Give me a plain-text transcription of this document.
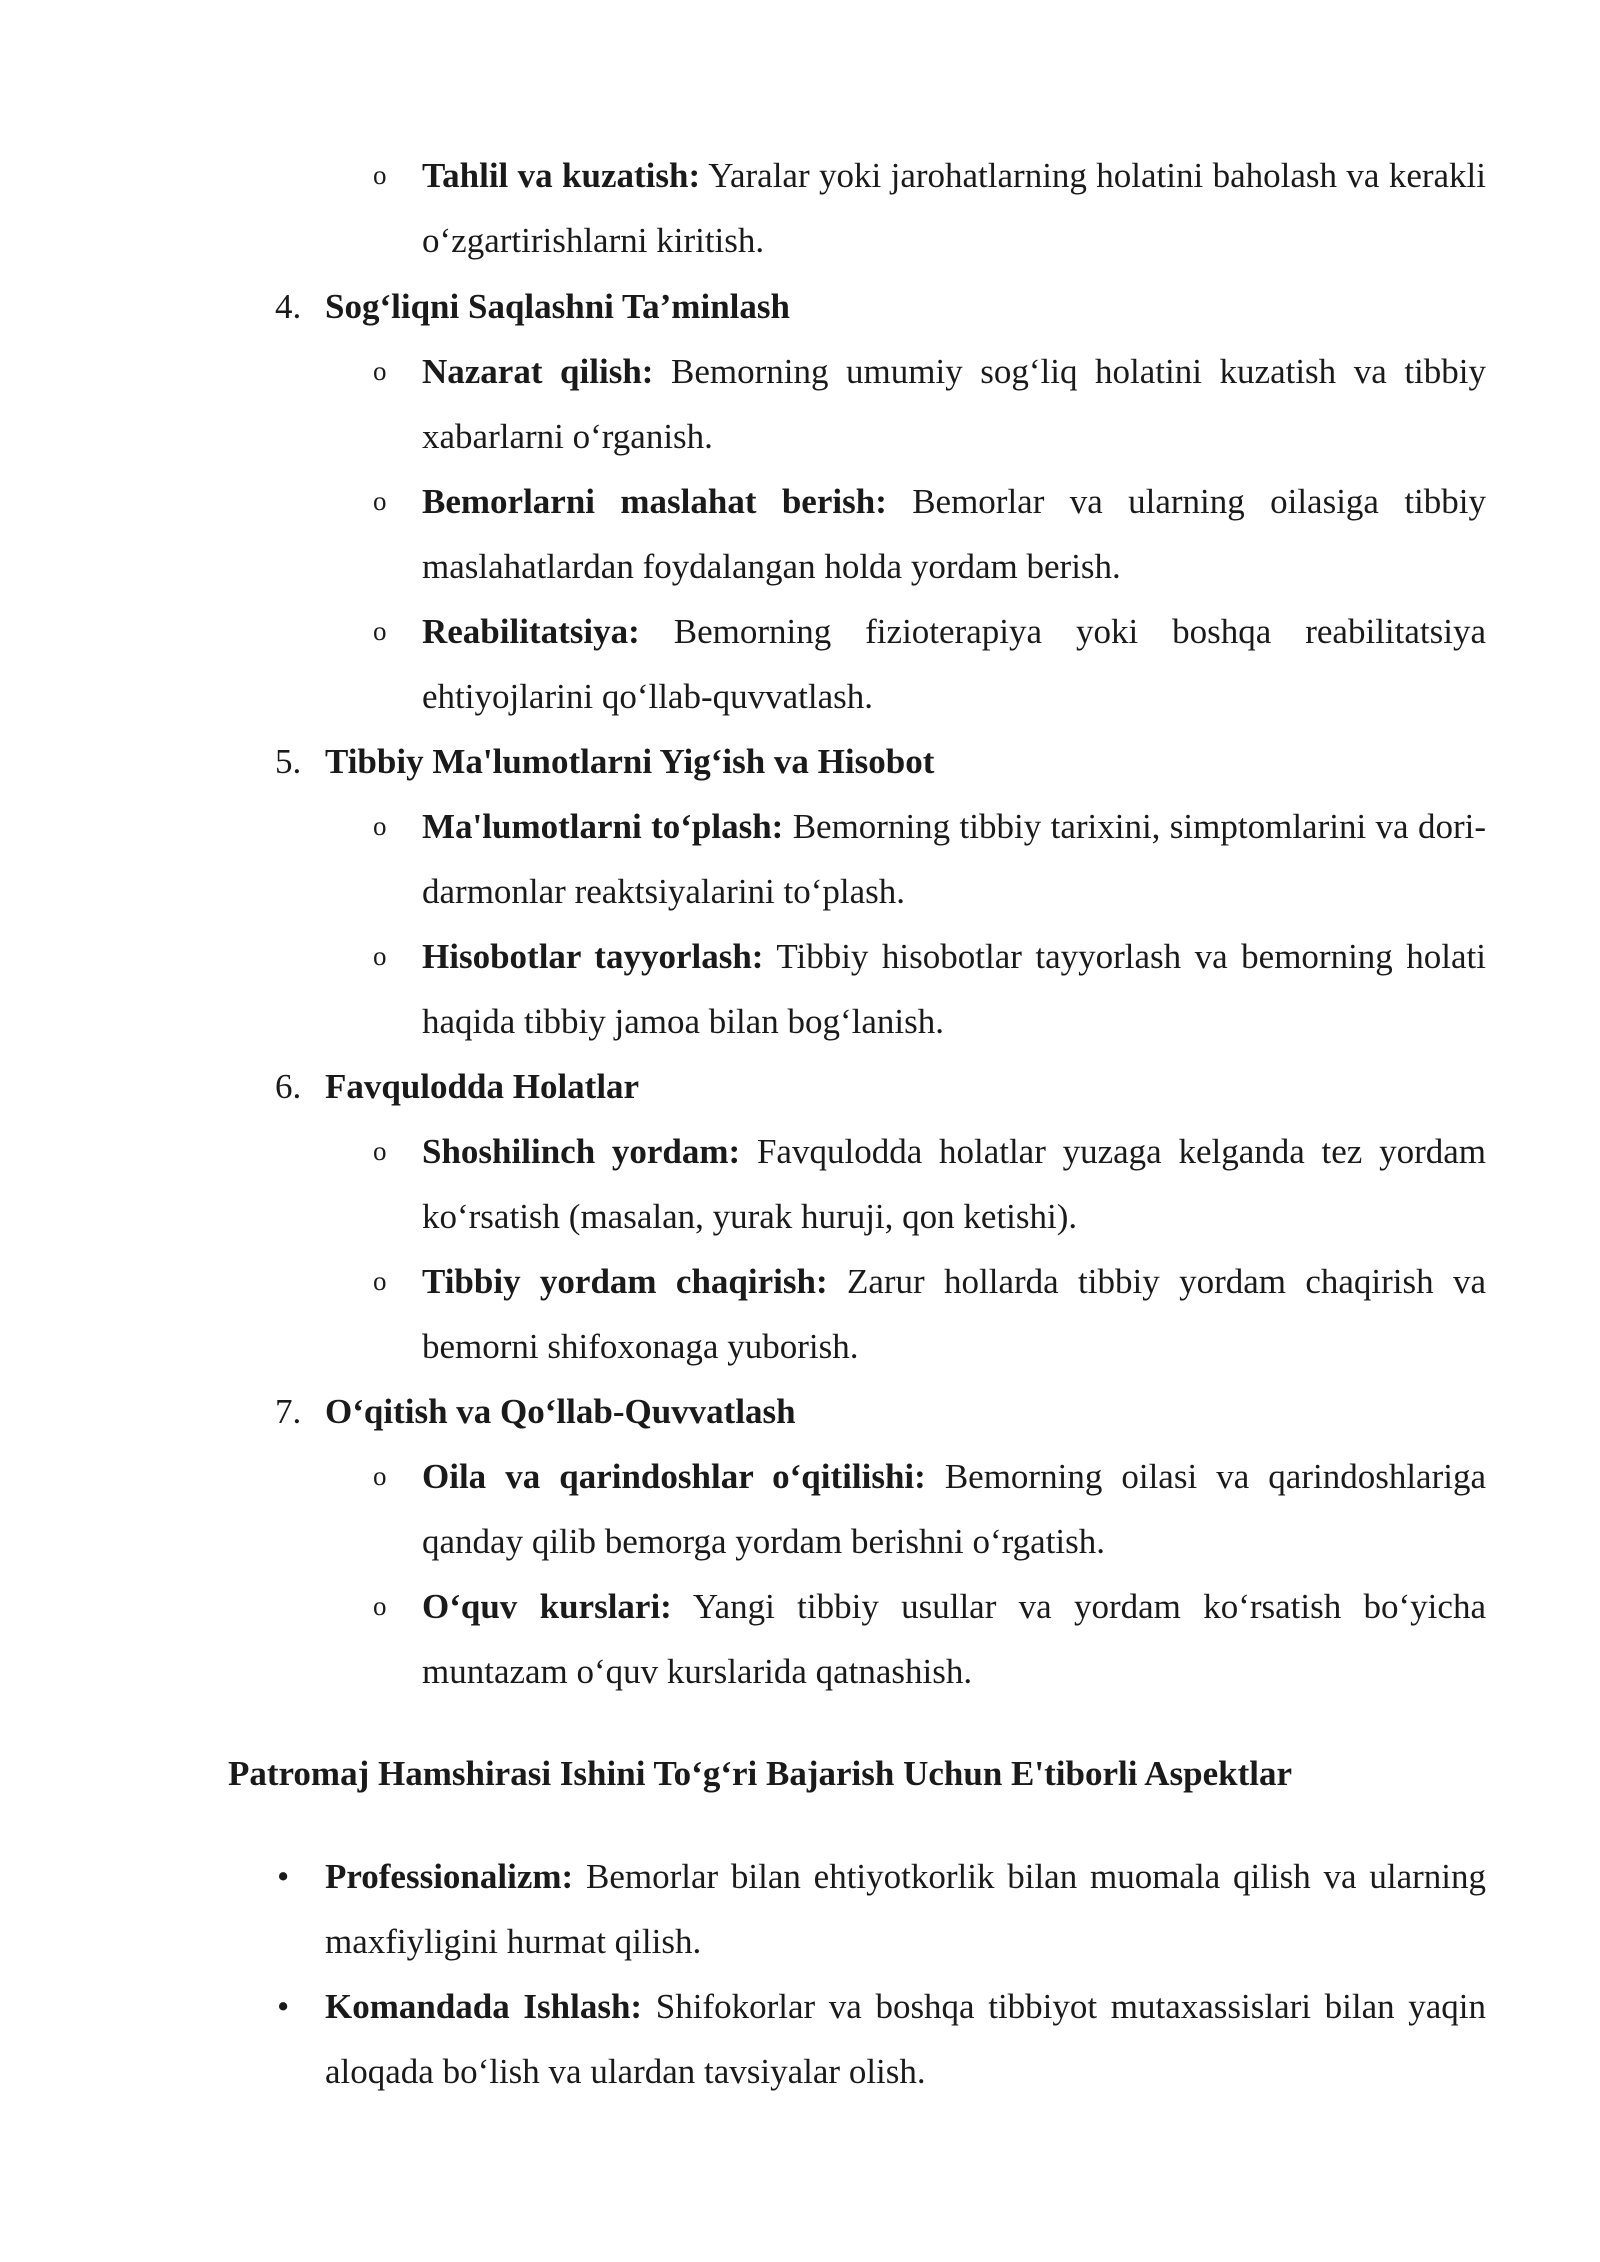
o Tahlil va kuzatish: Yaralar yoki jarohatlarning holatini baholash va kerakli o‘zgartirishlarni kiritish.
4. Sog‘liqni Saqlashni Ta’minlash
o Nazarat qilish: Bemorning umumiy sog‘liq holatini kuzatish va tibbiy xabarlarni o‘rganish.
o Bemorlarni maslahat berish: Bemorlar va ularning oilasiga tibbiy maslahatlardan foydalangan holda yordam berish.
o Reabilitatsiya: Bemorning fizioterapiya yoki boshqa reabilitatsiya ehtiyojlarini qo‘llab-quvvatlash.
5. Tibbiy Ma'lumotlarni Yig‘ish va Hisobot
o Ma'lumotlarni to‘plash: Bemorning tibbiy tarixini, simptomlarini va dori-darmonlar reaktsiyalarini to‘plash.
o Hisobotlar tayyorlash: Tibbiy hisobotlar tayyorlash va bemorning holati haqida tibbiy jamoa bilan bog‘lanish.
6. Favqulodda Holatlar
o Shoshilinch yordam: Favqulodda holatlar yuzaga kelganda tez yordam ko‘rsatish (masalan, yurak huruji, qon ketishi).
o Tibbiy yordam chaqirish: Zarur hollarda tibbiy yordam chaqirish va bemorni shifoxonaga yuborish.
7. O‘qitish va Qo‘llab-Quvvatlash
o Oila va qarindoshlar o‘qitilishi: Bemorning oilasi va qarindoshlariga qanday qilib bemorga yordam berishni o‘rgatish.
o O‘quv kurslari: Yangi tibbiy usullar va yordam ko‘rsatish bo‘yicha muntazam o‘quv kurslarida qatnashish.
Patromaj Hamshirasi Ishini To‘g‘ri Bajarish Uchun E'tiborli Aspektlar
• Professionalizm: Bemorlar bilan ehtiyotkorlik bilan muomala qilish va ularning maxfiyligini hurmat qilish.
• Komandada Ishlash: Shifokorlar va boshqa tibbiyot mutaxassislari bilan yaqin aloqada bo‘lish va ulardan tavsiyalar olish.
